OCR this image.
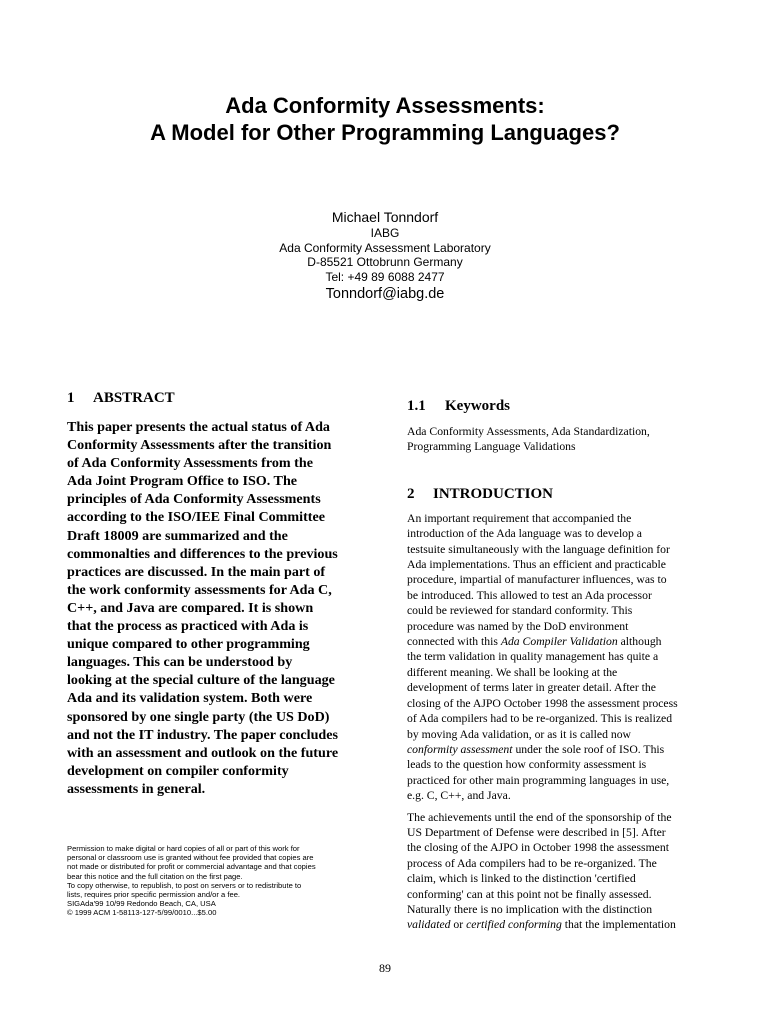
Ada Conformity Assessments:
A Model for Other Programming Languages?
Michael Tonndorf
IABG
Ada Conformity Assessment Laboratory
D-85521 Ottobrunn Germany
Tel: +49 89 6088 2477
Tonndorf@iabg.de
1 ABSTRACT
This paper presents the actual status of Ada
Conformity Assessments after the transition
of Ada Conformity Assessments from the
Ada Joint Program Office to ISO. The
principles of Ada Conformity Assessments
according to the ISO/IEE Final Committee
Draft 18009 are summarized and the
commonalties and differences to the previous
practices are discussed. In the main part of
the work conformity assessments for Ada C,
C++, and Java are compared. It is shown
that the process as practiced with Ada is
unique compared to other programming
languages. This can be understood by
looking at the special culture of the language
Ada and its validation system. Both were
sponsored by one single party (the US DoD)
and not the IT industry. The paper concludes
with an assessment and outlook on the future
development on compiler conformity
assessments in general.
Permission to make digital or hard copies of all or part of this work for
personal or classroom use is granted without fee provided that copies are
not made or distributed for profit or commercial advantage and that copies
bear this notice and the full citation on the first page.
To copy otherwise, to republish, to post on servers or to redistribute to
lists, requires prior specific permission and/or a fee.
SIGAda'99 10/99 Redondo Beach, CA, USA
© 1999 ACM 1-58113-127-5/99/0010...$5.00
1.1 Keywords
Ada Conformity Assessments, Ada Standardization,
Programming Language Validations
2 INTRODUCTION
An important requirement that accompanied the
introduction of the Ada language was to develop a
testsuite simultaneously with the language definition for
Ada implementations. Thus an efficient and practicable
procedure, impartial of manufacturer influences, was to
be introduced. This allowed to test an Ada processor
could be reviewed for standard conformity. This
procedure was named by the DoD environment
connected with this Ada Compiler Validation although
the term validation in quality management has quite a
different meaning. We shall be looking at the
development of terms later in greater detail. After the
closing of the AJPO October 1998 the assessment process
of Ada compilers had to be re-organized. This is realized
by moving Ada validation, or as it is called now
conformity assessment under the sole roof of ISO. This
leads to the question how conformity assessment is
practiced for other main programming languages in use,
e.g. C, C++, and Java.
The achievements until the end of the sponsorship of the
US Department of Defense were described in [5]. After
the closing of the AJPO in October 1998 the assessment
process of Ada compilers had to be re-organized. The
claim, which is linked to the distinction 'certified
conforming' can at this point not be finally assessed.
Naturally there is no implication with the distinction
validated or certified conforming that the implementation
89
